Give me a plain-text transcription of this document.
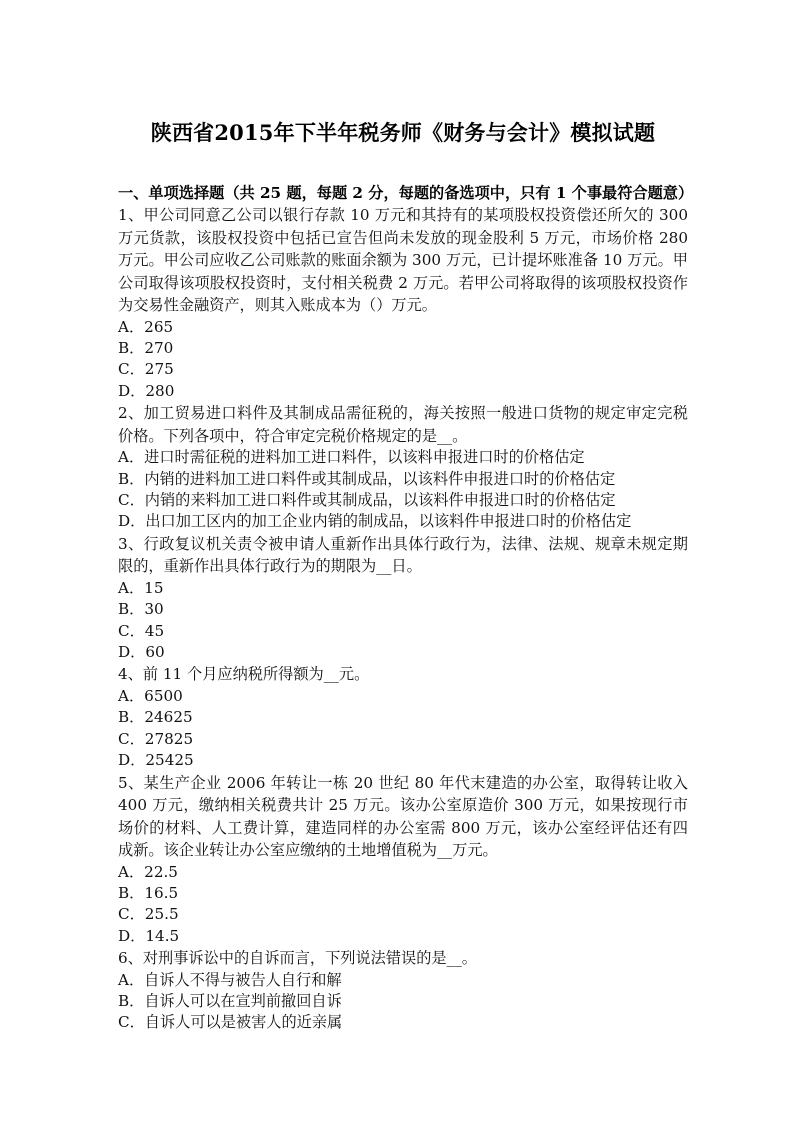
陕西省2015年下半年税务师《财务与会计》模拟试题
一、单项选择题（共 25 题，每题 2 分，每题的备选项中，只有 1 个事最符合题意）
1、甲公司同意乙公司以银行存款 10 万元和其持有的某项股权投资偿还所欠的 300 万元货款，该股权投资中包括已宣告但尚未发放的现金股利 5 万元，市场价格 280 万元。甲公司应收乙公司账款的账面余额为 300 万元，已计提坏账准备 10 万元。甲公司取得该项股权投资时，支付相关税费 2 万元。若甲公司将取得的该项股权投资作为交易性金融资产，则其入账成本为（）万元。
A．265
B．270
C．275
D．280
2、加工贸易进口料件及其制成品需征税的，海关按照一般进口货物的规定审定完税价格。下列各项中，符合审定完税价格规定的是__。
A．进口时需征税的进料加工进口料件，以该料申报进口时的价格估定
B．内销的进料加工进口料件或其制成品，以该料件申报进口时的价格估定
C．内销的来料加工进口料件或其制成品，以该料件申报进口时的价格估定
D．出口加工区内的加工企业内销的制成品，以该料件申报进口时的价格估定
3、行政复议机关责令被申请人重新作出具体行政行为，法律、法规、规章未规定期限的，重新作出具体行政行为的期限为__日。
A．15
B．30
C．45
D．60
4、前 11 个月应纳税所得额为__元。
A．6500
B．24625
C．27825
D．25425
5、某生产企业 2006 年转让一栋 20 世纪 80 年代末建造的办公室，取得转让收入 400 万元，缴纳相关税费共计 25 万元。该办公室原造价 300 万元，如果按现行市场价的材料、人工费计算，建造同样的办公室需 800 万元，该办公室经评估还有四成新。该企业转让办公室应缴纳的土地增值税为__万元。
A．22.5
B．16.5
C．25.5
D．14.5
6、对刑事诉讼中的自诉而言，下列说法错误的是__。
A．自诉人不得与被告人自行和解
B．自诉人可以在宣判前撤回自诉
C．自诉人可以是被害人的近亲属
